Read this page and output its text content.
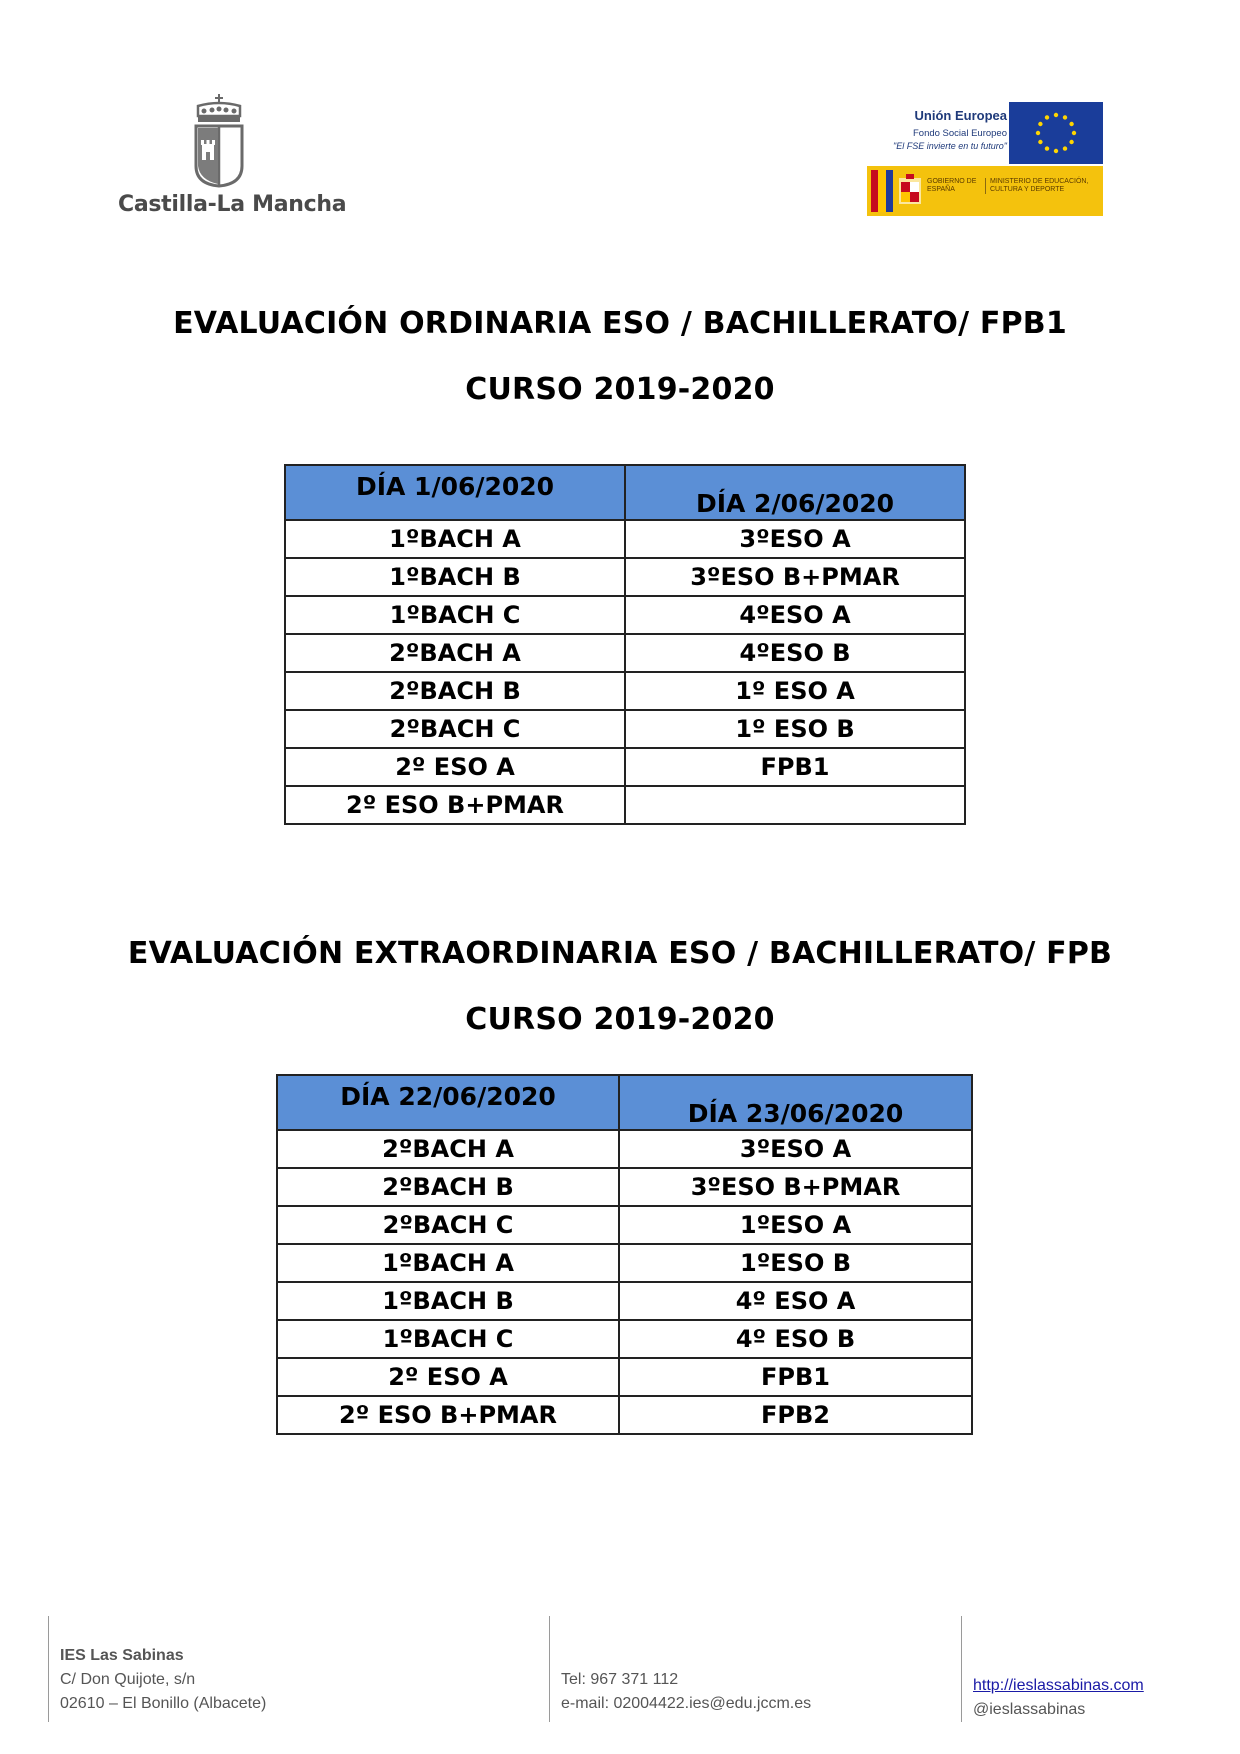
Castilla-La Mancha
Unión Europea
Fondo Social Europeo
"El FSE invierte en tu futuro"
GOBIERNO DE ESPAÑA
MINISTERIO DE EDUCACIÓN, CULTURA Y DEPORTE
EVALUACIÓN ORDINARIA ESO / BACHILLERATO/ FPB1
CURSO 2019-2020
DÍA 1/06/2020	DÍA 2/06/2020
1ºBACH A	3ºESO A
1ºBACH B	3ºESO B+PMAR
1ºBACH C	4ºESO A
2ºBACH A	4ºESO B
2ºBACH B	1º ESO A
2ºBACH C	1º ESO B
2º ESO A	FPB1
2º ESO B+PMAR	
EVALUACIÓN EXTRAORDINARIA ESO / BACHILLERATO/ FPB
CURSO 2019-2020
DÍA 22/06/2020	DÍA 23/06/2020
2ºBACH A	3ºESO A
2ºBACH B	3ºESO B+PMAR
2ºBACH C	1ºESO A
1ºBACH A	1ºESO B
1ºBACH B	4º ESO A
1ºBACH C	4º ESO B
2º ESO A	FPB1
2º ESO B+PMAR	FPB2
IES Las Sabinas
C/ Don Quijote, s/n
02610 – El Bonillo (Albacete)
Tel: 967 371 112
e-mail: 02004422.ies@edu.jccm.es
http://ieslassabinas.com
@ieslassabinas
